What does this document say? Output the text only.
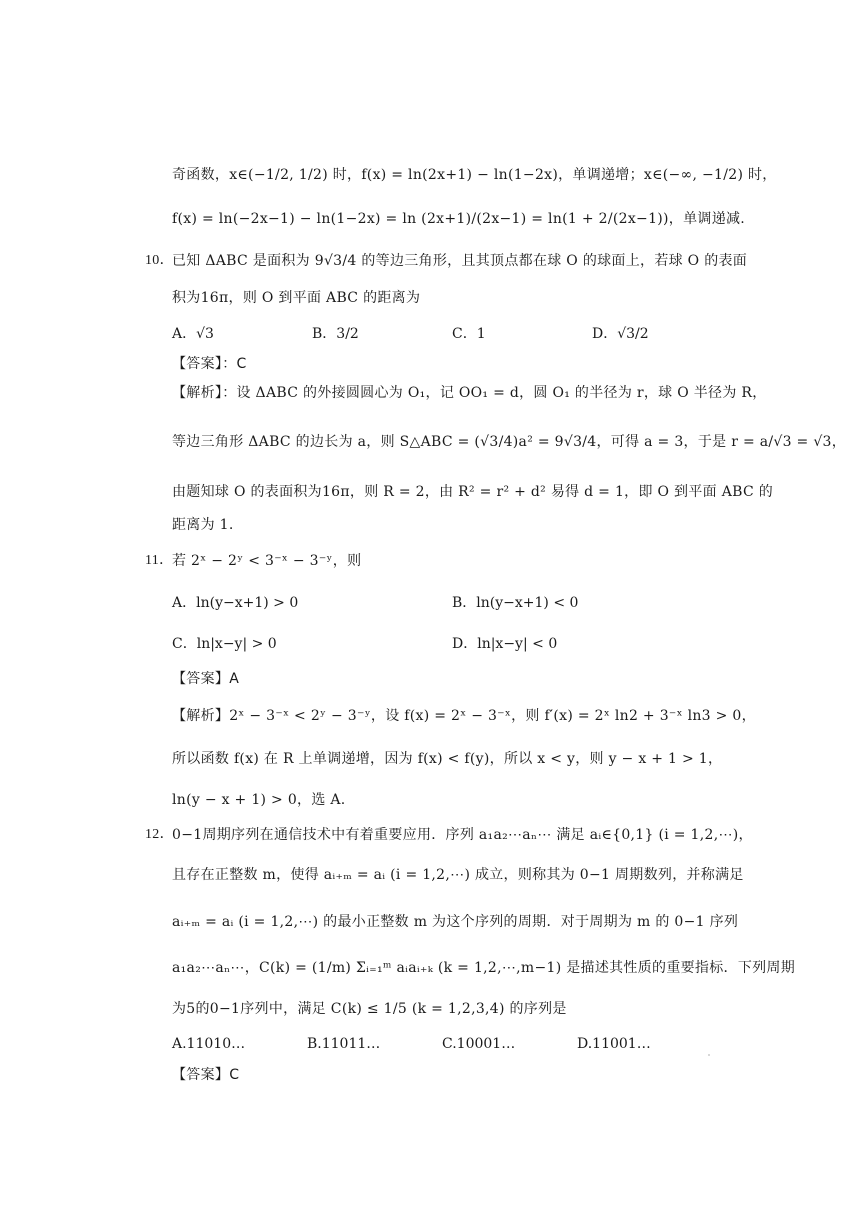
奇函数，x∈(−1/2, 1/2) 时，f(x) = ln(2x+1) − ln(1−2x)，单调递增；x∈(−∞, −1/2) 时，
f(x) = ln(−2x−1) − ln(1−2x) = ln (2x+1)/(2x−1) = ln(1 + 2/(2x−1))，单调递减.
10．
已知 ΔABC 是面积为 9√3/4 的等边三角形，且其顶点都在球 O 的球面上，若球 O 的表面
积为16π，则 O 到平面 ABC 的距离为
A．√3	B．3/2	C．1	D．√3/2
【答案】：C
【解析】：设 ΔABC 的外接圆圆心为 O₁，记 OO₁ = d，圆 O₁ 的半径为 r，球 O 半径为 R，
等边三角形 ΔABC 的边长为 a，则 S△ABC = (√3/4)a² = 9√3/4，可得 a = 3，于是 r = a/√3 = √3，
由题知球 O 的表面积为16π，则 R = 2，由 R² = r² + d² 易得 d = 1，即 O 到平面 ABC 的
距离为 1.
11．
若 2ˣ − 2ʸ < 3⁻ˣ − 3⁻ʸ，则
A．ln(y−x+1) > 0	B．ln(y−x+1) < 0
C．ln|x−y| > 0	D．ln|x−y| < 0
【答案】A
【解析】2ˣ − 3⁻ˣ < 2ʸ − 3⁻ʸ，设 f(x) = 2ˣ − 3⁻ˣ，则 f′(x) = 2ˣ ln2 + 3⁻ˣ ln3 > 0，
所以函数 f(x) 在 R 上单调递增，因为 f(x) < f(y)，所以 x < y，则 y − x + 1 > 1，
ln(y − x + 1) > 0，选 A.
12．
0−1周期序列在通信技术中有着重要应用．序列 a₁a₂⋯aₙ⋯ 满足 aᵢ∈{0,1} (i = 1,2,⋯)，
且存在正整数 m，使得 aᵢ₊ₘ = aᵢ (i = 1,2,⋯) 成立，则称其为 0−1 周期数列，并称满足
aᵢ₊ₘ = aᵢ (i = 1,2,⋯) 的最小正整数 m 为这个序列的周期．对于周期为 m 的 0−1 序列
a₁a₂⋯aₙ⋯，C(k) = (1/m) Σᵢ₌₁ᵐ aᵢaᵢ₊ₖ (k = 1,2,⋯,m−1) 是描述其性质的重要指标．下列周期
为5的0−1序列中，满足 C(k) ≤ 1/5 (k = 1,2,3,4) 的序列是
A.11010…	B.11011…	C.10001…	D.11001…
【答案】C
